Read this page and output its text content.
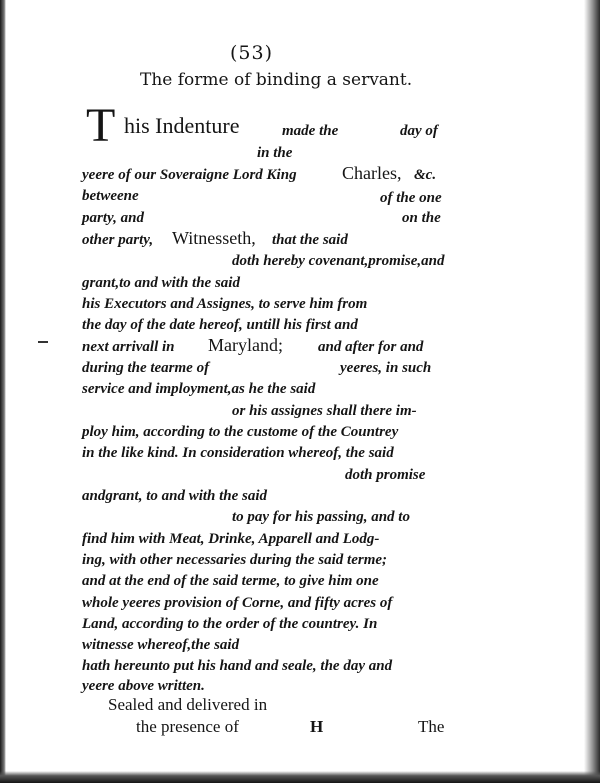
(53)
The forme of binding a servant.
T his Indenture	made the	day of
in the
yeere of our Soveraigne Lord King	Charles, &c.
betweene	of the one
party, and	on the
other party, Witnesseth, that the said
doth hereby covenant,promise,and
grant,to and with the said
his Executors and Assignes, to serve him from
the day of the date hereof, untill his first and
next arrivall in Maryland; and after for and
during the tearme of	yeeres, in such
service and imployment,as he the said
or his assignes shall there im-
ploy him, according to the custome of the Countrey
in the like kind. In consideration whereof, the said
doth promise
andgrant, to and with the said
to pay for his passing, and to
find him with Meat, Drinke, Apparell and Lodg-
ing, with other necessaries during the said terme;
and at the end of the said terme, to give him one
whole yeeres provision of Corne, and fifty acres of
Land, according to the order of the countrey. In
witnesse whereof,the said
hath hereunto put his hand and seale, the day and
yeere above written.
Sealed and delivered in
the presence of	H	The
